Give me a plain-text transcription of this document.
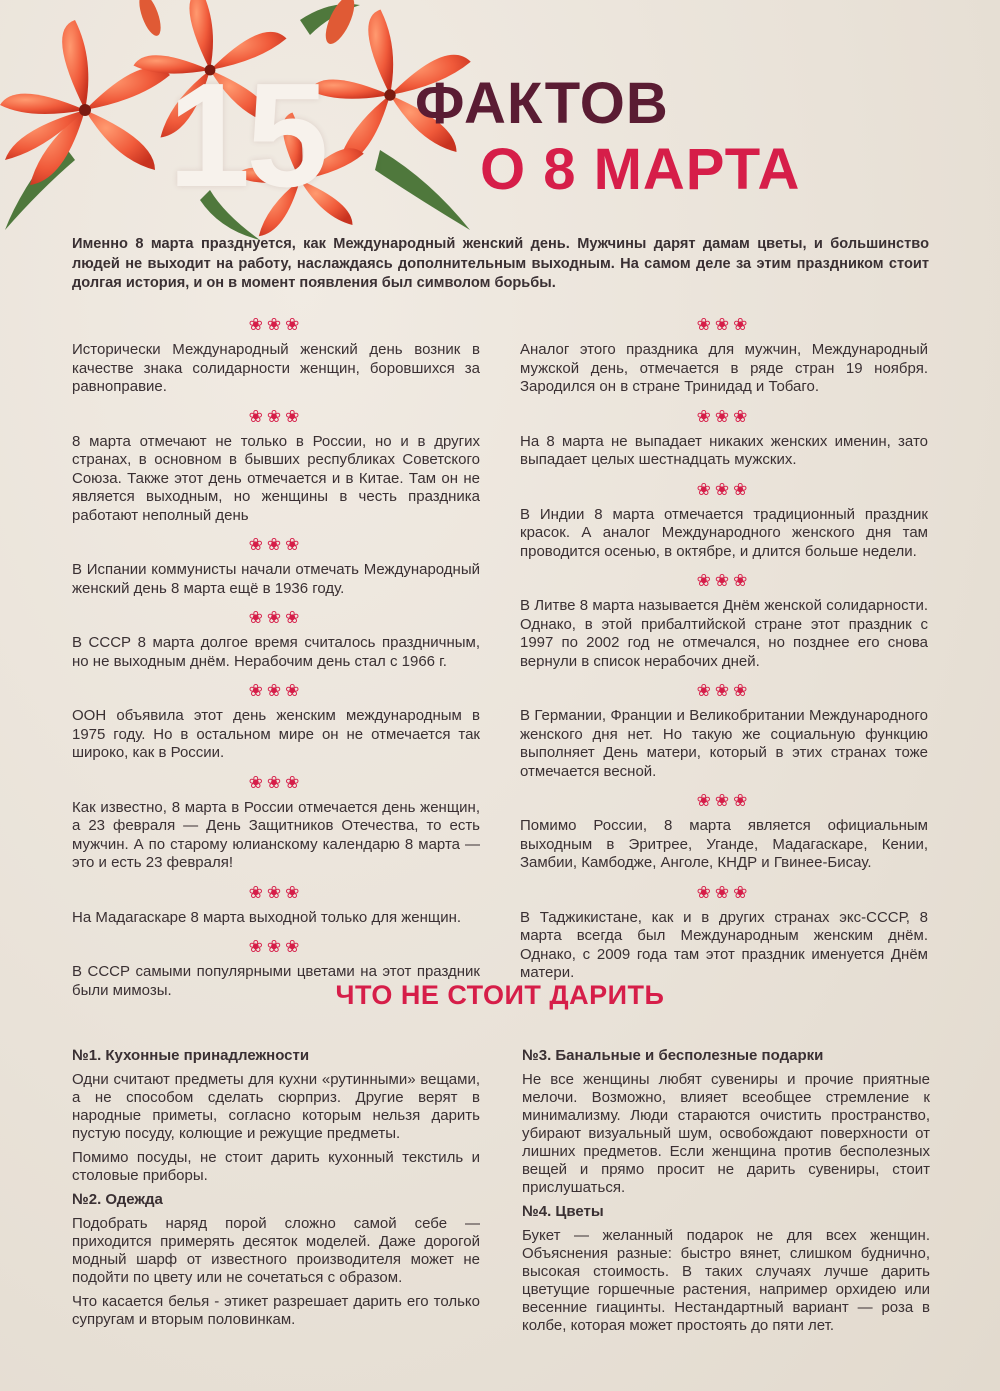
15 ФАКТОВ
О 8 МАРТА
Именно 8 марта празднуется, как Международный женский день. Мужчины дарят дамам цветы, и большинство людей не выходит на работу, наслаждаясь дополнительным выходным. На самом деле за этим праздником стоит долгая история, и он в момент появления был символом борьбы.
❀❀❀

Исторически Международный женский день возник в качестве знака солидарности женщин, боровшихся за равноправие.

❀❀❀

8 марта отмечают не только в России, но и в других странах, в основном в бывших республиках Советского Союза. Также этот день отмечается и в Китае. Там он не является выходным, но женщины в честь праздника работают неполный день

❀❀❀

В Испании коммунисты начали отмечать Международный женский день 8 марта ещё в 1936 году.

❀❀❀

В СССР 8 марта долгое время считалось праздничным, но не выходным днём. Нерабочим день стал с 1966 г.

❀❀❀

ООН объявила этот день женским международным в 1975 году. Но в остальном мире он не отмечается так широко, как в России.

❀❀❀

Как известно, 8 марта в России отмечается день женщин, а 23 февраля — День Защитников Отечества, то есть мужчин. А по старому юлианскому календарю 8 марта — это и есть 23 февраля!

❀❀❀

На Мадагаскаре 8 марта выходной только для женщин.

❀❀❀

В СССР самыми популярными цветами на этот праздник были мимозы.

❀❀❀

Аналог этого праздника для мужчин, Международный мужской день, отмечается в ряде стран 19 ноября. Зародился он в стране Тринидад и Тобаго.

❀❀❀

На 8 марта не выпадает никаких женских именин, зато выпадает целых шестнадцать мужских.

❀❀❀

В Индии 8 марта отмечается традиционный праздник красок. А аналог Международного женского дня там проводится осенью, в октябре, и длится больше недели.

❀❀❀

В Литве 8 марта называется Днём женской солидарности. Однако, в этой прибалтийской стране этот праздник с 1997 по 2002 год не отмечался, но позднее его снова вернули в список нерабочих дней.

❀❀❀

В Германии, Франции и Великобритании Международного женского дня нет. Но такую же социальную функцию выполняет День матери, который в этих странах тоже отмечается весной.

❀❀❀

Помимо России, 8 марта является официальным выходным в Эритрее, Уганде, Мадагаскаре, Кении, Замбии, Камбодже, Анголе, КНДР и Гвинее-Бисау.

❀❀❀

В Таджикистане, как и в других странах экс-СССР, 8 марта всегда был Международным женским днём. Однако, с 2009 года там этот праздник именуется Днём матери.

ЧТО НЕ СТОИТ ДАРИТЬ
№1. Кухонные принадлежности

Одни считают предметы для кухни «рутинными» вещами, а не способом сделать сюрприз. Другие верят в народные приметы, согласно которым нельзя дарить пустую посуду, колющие и режущие предметы.

Помимо посуды, не стоит дарить кухонный текстиль и столовые приборы.

№2. Одежда

Подобрать наряд порой сложно самой себе — приходится примерять десяток моделей. Даже дорогой модный шарф от известного производителя может не подойти по цвету или не сочетаться с образом.

Что касается белья - этикет разрешает дарить его только супругам и вторым половинкам.

№3. Банальные и бесполезные подарки

Не все женщины любят сувениры и прочие приятные мелочи. Возможно, влияет всеобщее стремление к минимализму. Люди стараются очистить пространство, убирают визуальный шум, освобождают поверхности от лишних предметов. Если женщина против бесполезных вещей и прямо просит не дарить сувениры, стоит прислушаться.

№4. Цветы

Букет — желанный подарок не для всех женщин. Объяснения разные: быстро вянет, слишком буднично, высокая стоимость. В таких случаях лучше дарить цветущие горшечные растения, например орхидею или весенние гиацинты. Нестандартный вариант — роза в колбе, которая может простоять до пяти лет.
